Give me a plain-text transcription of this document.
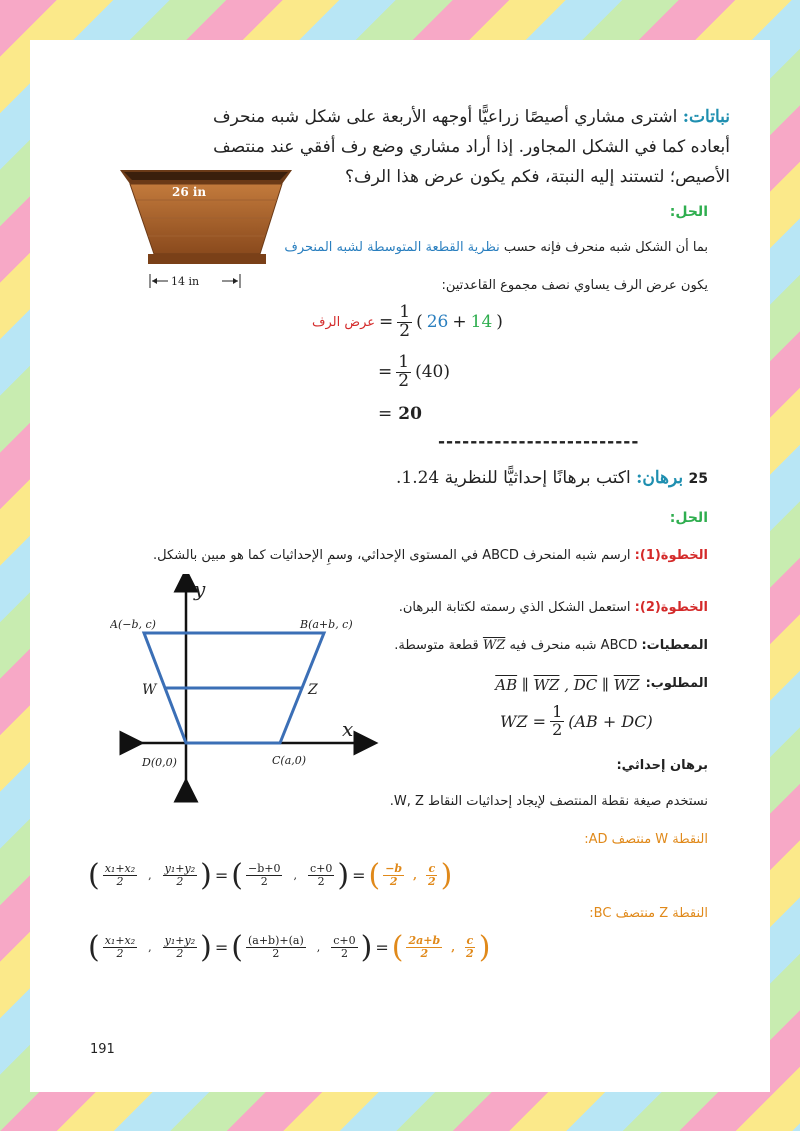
نباتات: اشترى مشاري أصيصًا زراعيًّا أوجهه الأربعة على شكل شبه منحرف
أبعاده كما في الشكل المجاور. إذا أراد مشاري وضع رف أفقي عند منتصف
الأصيص؛ لتستند إليه النبتة، فكم يكون عرض هذا الرف؟
26 in
14 in
الحل:
بما أن الشكل شبه منحرف فإنه حسب نظرية القطعة المتوسطة لشبه المنحرف
يكون عرض الرف يساوي نصف مجموع القاعدتين:
عرض الرف = $\frac{1}{2}$ ( 26 + 14 )
= $\frac{1}{2} (40)$
= 20
-------------------------
25 برهان: اكتب برهانًا إحداثيًّا للنظرية 1.24.
الحل:
الخطوة(1): ارسم شبه المنحرف ABCD في المستوى الإحداثي، وسمِ الإحداثيات كما هو مبين بالشكل.
A(−b, c)	B(a+b, c)
W	Z
D(0,0)	C(a,0)
x
y
الخطوة(2): استعمل الشكل الذي رسمته لكتابة البرهان.
المعطيات: ABCD شبه منحرف فيه WZ قطعة متوسطة.
المطلوب:
$\overline{AB}$ ∥ $\overline{WZ}$ , $\overline{DC}$ ∥ $\overline{WZ}$
WZ = $\frac{1}{2} (AB + DC)$
برهان إحداثي:
نستخدم صيغة نقطة المنتصف لإيجاد إحداثيات النقاط W, Z.
النقطة W منتصف AD:
( $\frac{\text{x₁+x₂}}{2}$ , $\frac{\text{y₁+y₂}}{2}$ ) = ( $\frac{-b+0}{2}$ , $\frac{c+0}{2}$ ) = ( $\frac{-b}{2}$ , $\frac{c}{2}$ )
النقطة Z منتصف BC:
( $\frac{\text{x₁+x₂}}{2}$ , $\frac{\text{y₁+y₂}}{2}$ ) = ( $\frac{(a+b)+(a)}{2}$ , $\frac{c+0}{2}$ ) = ( $\frac{2a+b}{2}$ , $\frac{c}{2}$ )
191
